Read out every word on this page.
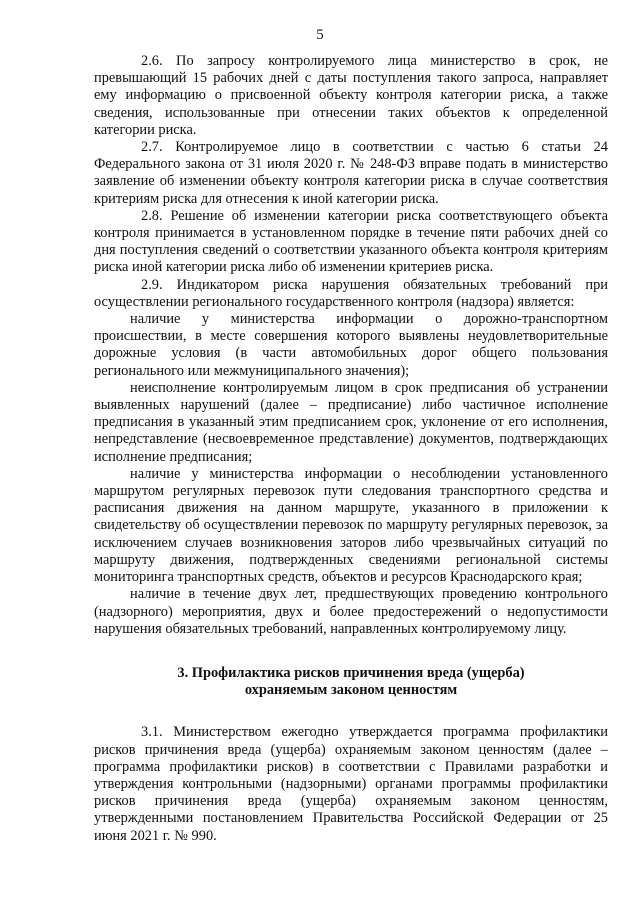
5

2.6. По запросу контролируемого лица министерство в срок, не превышающий 15 рабочих дней с даты поступления такого запроса, направляет ему информацию о присвоенной объекту контроля категории риска, а также сведения, использованные при отнесении таких объектов к определенной категории риска.

2.7. Контролируемое лицо в соответствии с частью 6 статьи 24 Федерального закона от 31 июля 2020 г. № 248-ФЗ вправе подать в министерство заявление об изменении объекту контроля категории риска в случае соответствия критериям риска для отнесения к иной категории риска.

2.8. Решение об изменении категории риска соответствующего объекта контроля принимается в установленном порядке в течение пяти рабочих дней со дня поступления сведений о соответствии указанного объекта контроля критериям риска иной категории риска либо об изменении критериев риска.

2.9. Индикатором риска нарушения обязательных требований при осуществлении регионального государственного контроля (надзора) является:

наличие у министерства информации о дорожно-транспортном происшествии, в месте совершения которого выявлены неудовлетворительные дорожные условия (в части автомобильных дорог общего пользования регионального или межмуниципального значения);

неисполнение контролируемым лицом в срок предписания об устранении выявленных нарушений (далее – предписание) либо частичное исполнение предписания в указанный этим предписанием срок, уклонение от его исполнения, непредставление (несвоевременное представление) документов, подтверждающих исполнение предписания;

наличие у министерства информации о несоблюдении установленного маршрутом регулярных перевозок пути следования транспортного средства и расписания движения на данном маршруте, указанного в приложении к свидетельству об осуществлении перевозок по маршруту регулярных перевозок, за исключением случаев возникновения заторов либо чрезвычайных ситуаций по маршруту движения, подтвержденных сведениями региональной системы мониторинга транспортных средств, объектов и ресурсов Краснодарского края;

наличие в течение двух лет, предшествующих проведению контрольного (надзорного) мероприятия, двух и более предостережений о недопустимости нарушения обязательных требований, направленных контролируемому лицу.

3. Профилактика рисков причинения вреда (ущерба)
охраняемым законом ценностям

3.1. Министерством ежегодно утверждается программа профилактики рисков причинения вреда (ущерба) охраняемым законом ценностям (далее – программа профилактики рисков) в соответствии с Правилами разработки и утверждения контрольными (надзорными) органами программы профилактики рисков причинения вреда (ущерба) охраняемым законом ценностям, утвержденными постановлением Правительства Российской Федерации от 25 июня 2021 г. № 990.
